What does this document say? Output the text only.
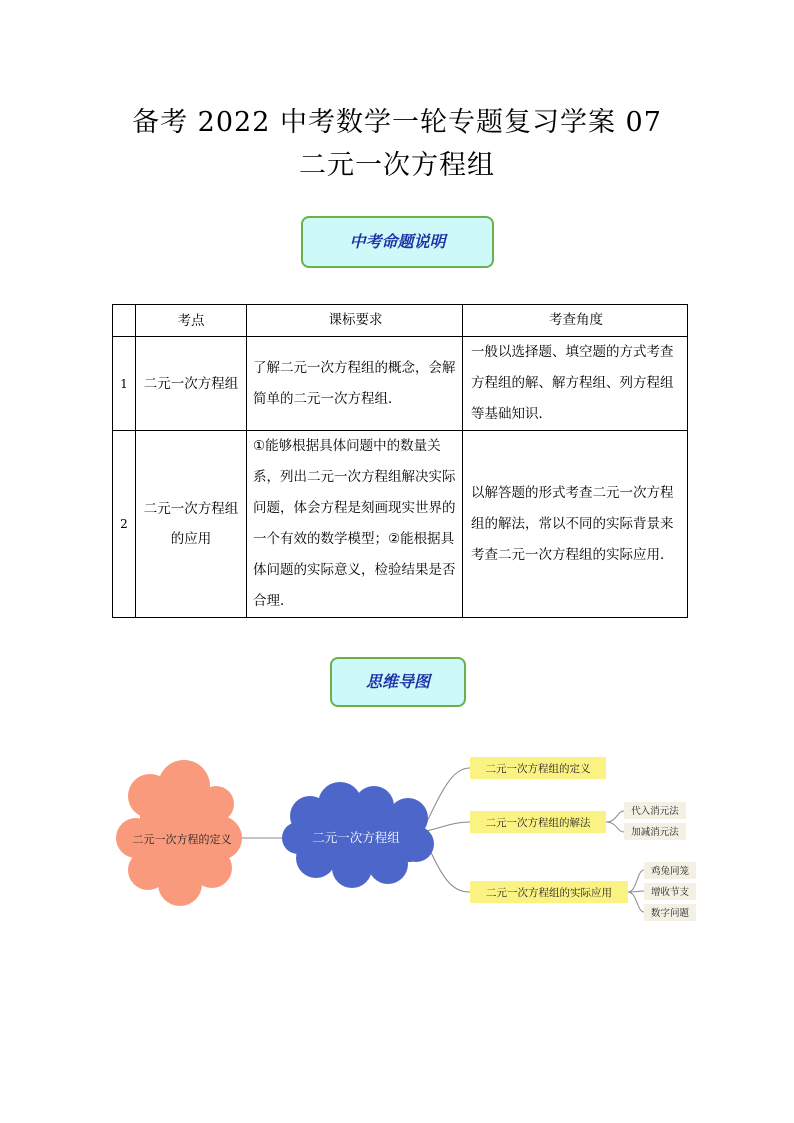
备考 2022 中考数学一轮专题复习学案 07
二元一次方程组
中考命题说明
	考点	课标要求	考查角度
1	二元一次方程组	了解二元一次方程组的概念，会解简单的二元一次方程组．	一般以选择题、填空题的方式考查方程组的解、解方程组、列方程组等基础知识．
2	二元一次方程组的应用	①能够根据具体问题中的数量关系，列出二元一次方程组解决实际问题，体会方程是刻画现实世界的一个有效的数学模型；②能根据具体问题的实际意义，检验结果是否合理．	以解答题的形式考查二元一次方程组的解法，常以不同的实际背景来考查二元一次方程组的实际应用．
思维导图
二元一次方程的定义	二元一次方程组
二元一次方程组的定义
二元一次方程组的解法
代入消元法
加减消元法
二元一次方程组的实际应用
鸡兔同笼
增收节支
数字问题
